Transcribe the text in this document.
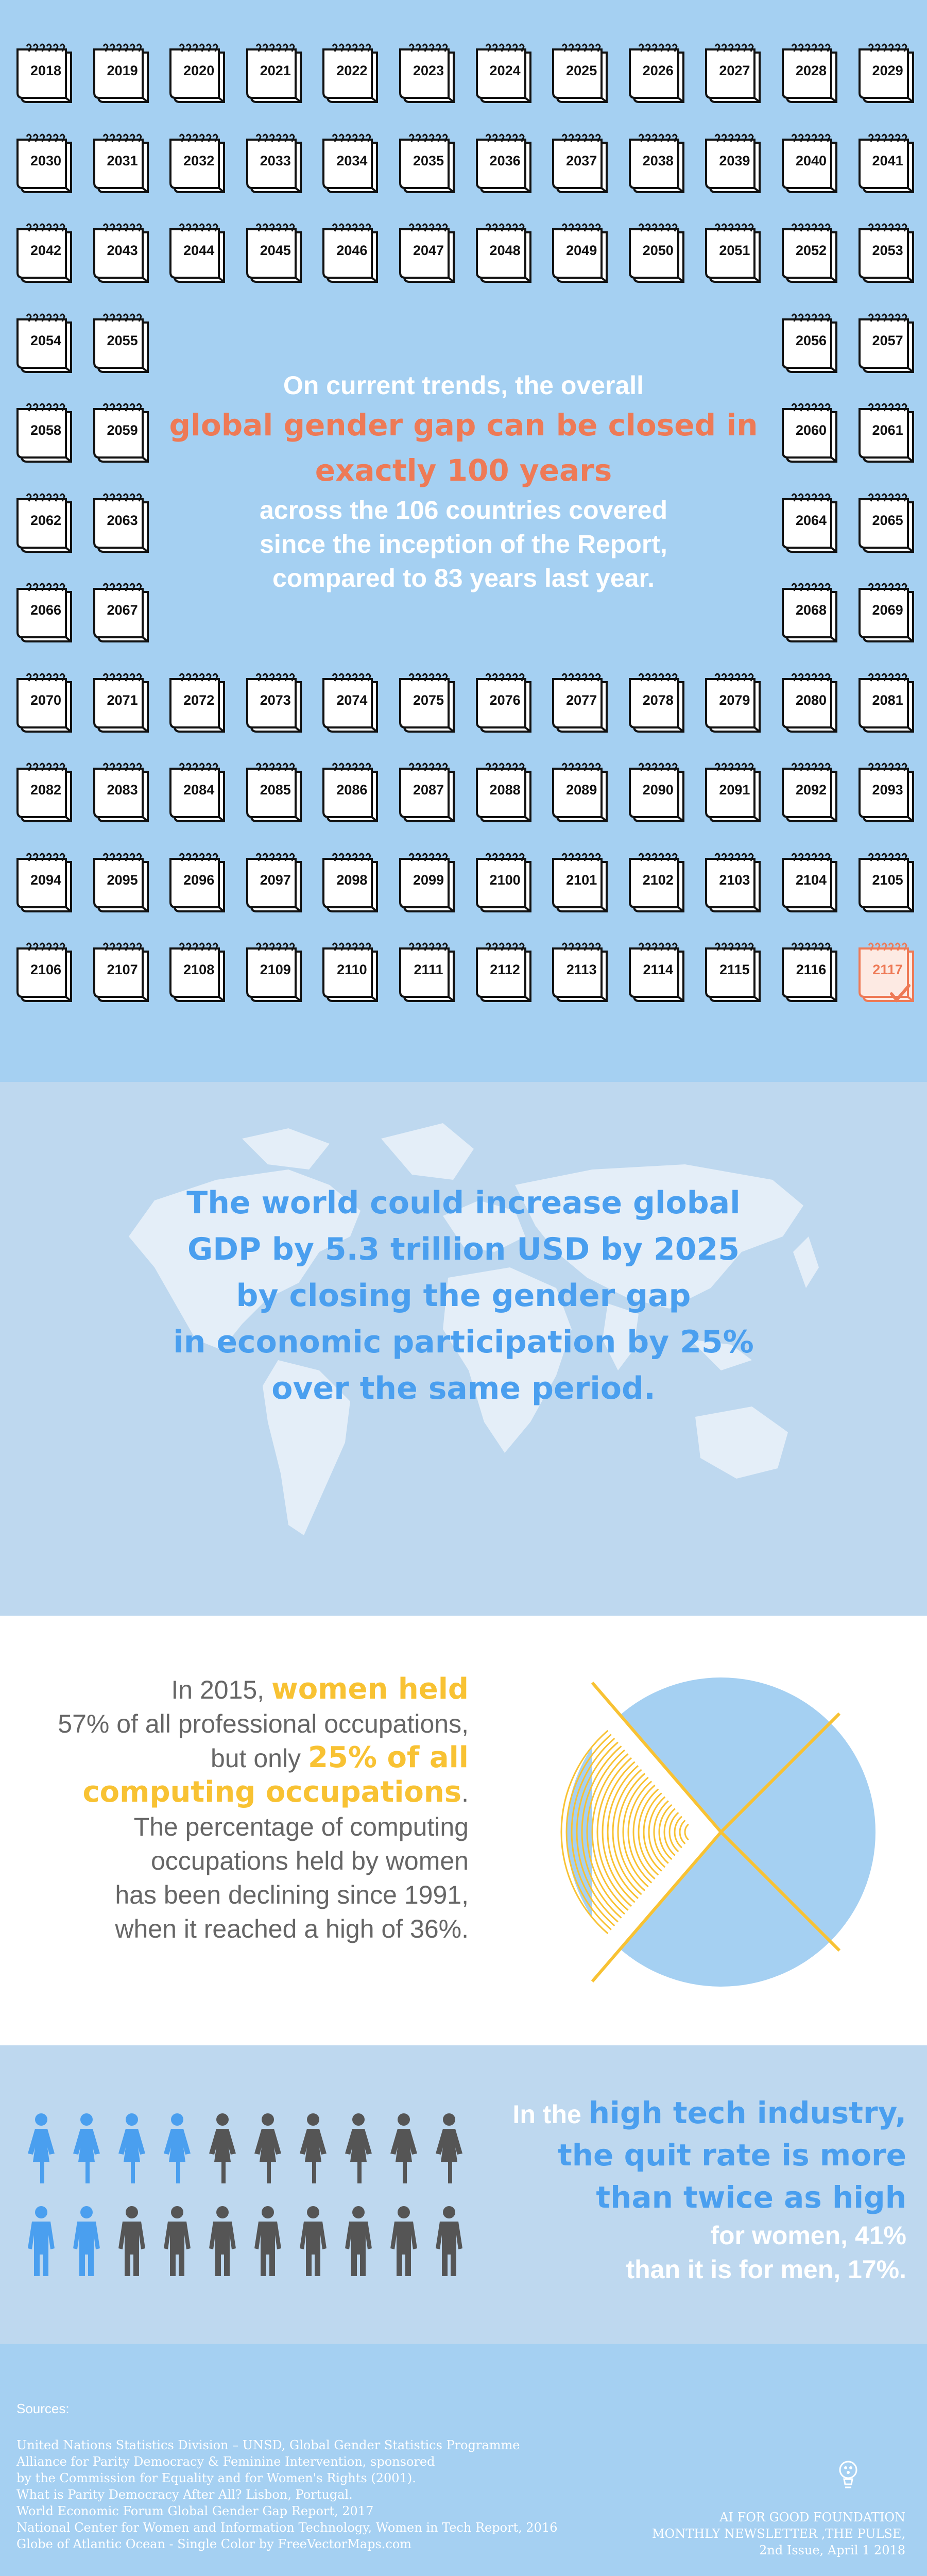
2018	2019	2020	2021	2022	2023	2024	2025	2026	2027	2028	2029
2030	2031	2032	2033	2034	2035	2036	2037	2038	2039	2040	2041
2042	2043	2044	2045	2046	2047	2048	2049	2050	2051	2052	2053
2054	2055	2056	2057
2058	2059	2060	2061
2062	2063	2064	2065
2066	2067	2068	2069
2070	2071	2072	2073	2074	2075	2076	2077	2078	2079	2080	2081
2082	2083	2084	2085	2086	2087	2088	2089	2090	2091	2092	2093
2094	2095	2096	2097	2098	2099	2100	2101	2102	2103	2104	2105
2106	2107	2108	2109	2110	2111	2112	2113	2114	2115	2116	2117
On current trends, the overall
global gender gap can be closed in
exactly 100 years
across the 106 countries covered
since the inception of the Report,
compared to 83 years last year.
The world could increase global
GDP by 5.3 trillion USD by 2025
by closing the gender gap
in economic participation by 25%
over the same period.
In 2015, women held
57% of all professional occupations,
but only 25% of all
computing occupations.
The percentage of computing
occupations held by women
has been declining since 1991,
when it reached a high of 36%.
In the high tech industry,
the quit rate is more
than twice as high
for women, 41%
than it is for men, 17%.
Sources:
United Nations Statistics Division – UNSD, Global Gender Statistics Programme
Alliance for Parity Democracy & Feminine Intervention, sponsored
by the Commission for Equality and for Women's Rights (2001).
What is Parity Democracy After All? Lisbon, Portugal.
World Economic Forum Global Gender Gap Report, 2017
National Center for Women and Information Technology, Women in Tech Report, 2016
Globe of Atlantic Ocean - Single Color by FreeVectorMaps.com
AI FOR GOOD FOUNDATION
MONTHLY NEWSLETTER ,THE PULSE,
2nd Issue, April 1 2018
